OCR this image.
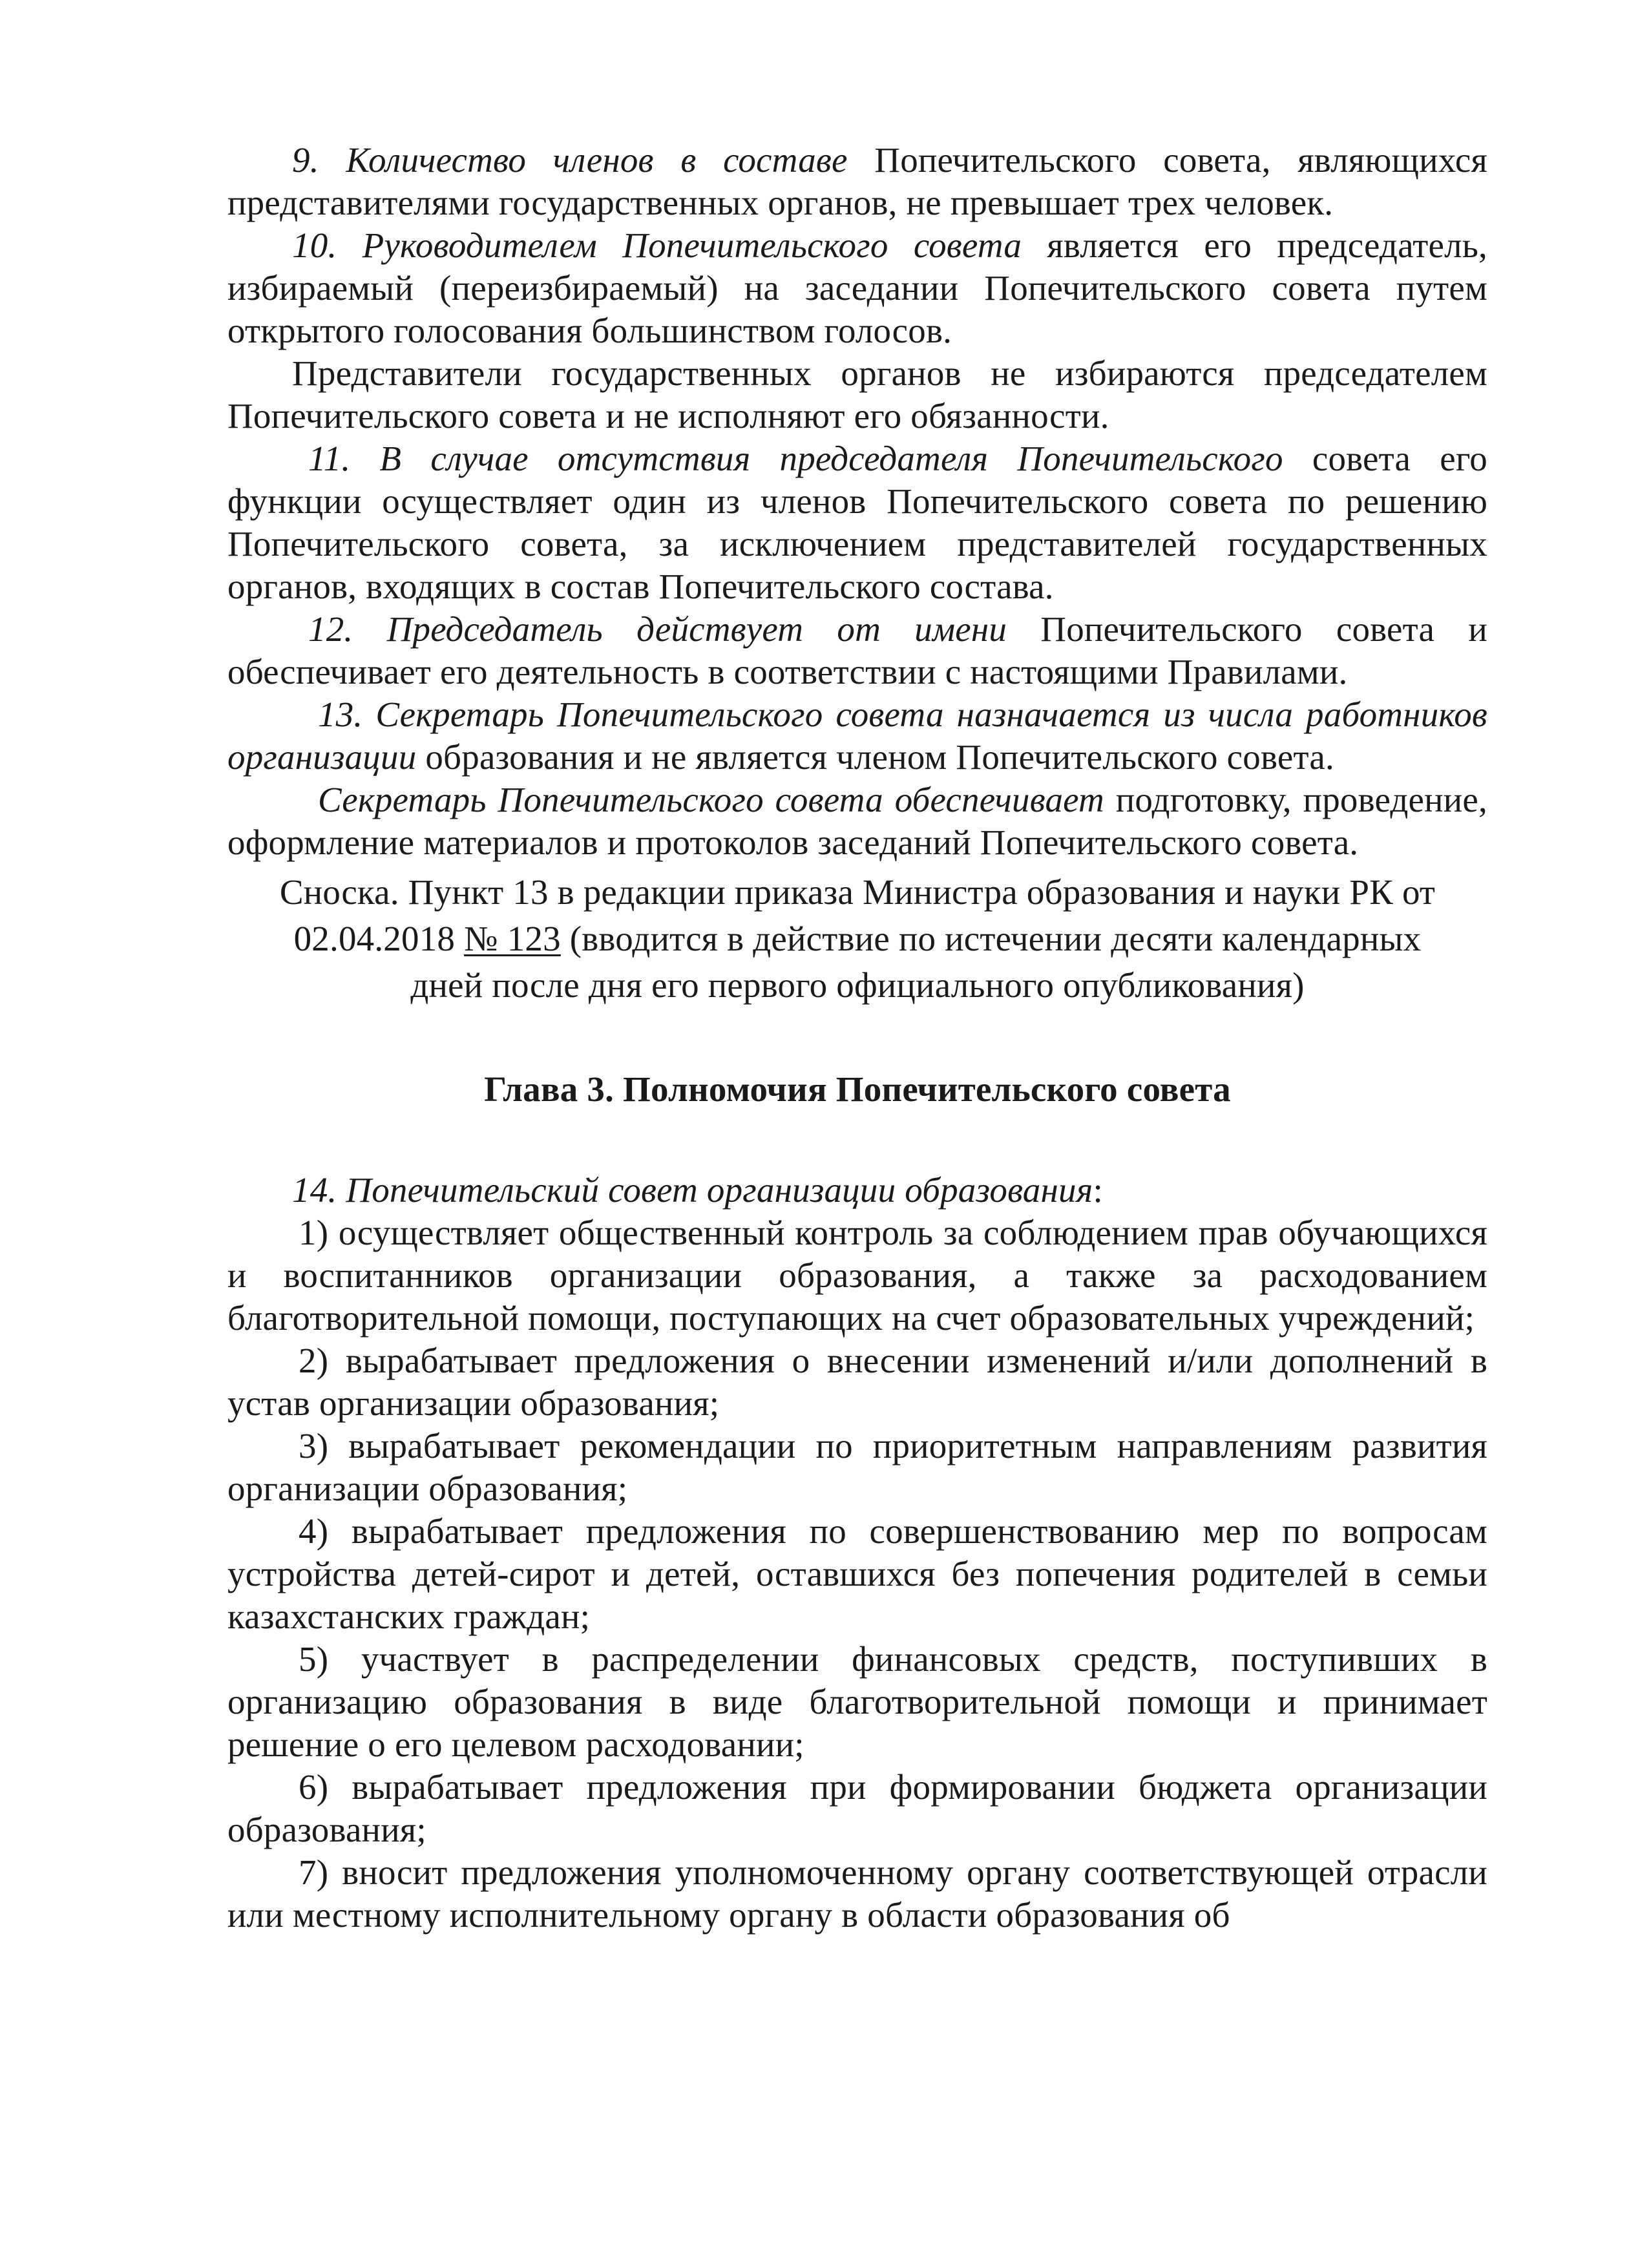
9. Количество членов в составе Попечительского совета, являющихся представителями государственных органов, не превышает трех человек.

10. Руководителем Попечительского совета является его председатель, избираемый (переизбираемый) на заседании Попечительского совета путем открытого голосования большинством голосов.

Представители государственных органов не избираются председателем Попечительского совета и не исполняют его обязанности.

11. В случае отсутствия председателя Попечительского совета его функции осуществляет один из членов Попечительского совета по решению Попечительского совета, за исключением представителей государственных органов, входящих в состав Попечительского состава.

12. Председатель действует от имени Попечительского совета и обеспечивает его деятельность в соответствии с настоящими Правилами.

13. Секретарь Попечительского совета назначается из числа работников организации образования и не является членом Попечительского совета.

Секретарь Попечительского совета обеспечивает подготовку, проведение, оформление материалов и протоколов заседаний Попечительского совета.

Сноска. Пункт 13 в редакции приказа Министра образования и науки РК от
02.04.2018 № 123 (вводится в действие по истечении десяти календарных
дней после дня его первого официального опубликования)
Глава 3. Полномочия Попечительского совета

14. Попечительский совет организации образования:

1) осуществляет общественный контроль за соблюдением прав обучающихся и воспитанников организации образования, а также за расходованием благотворительной помощи, поступающих на счет образовательных учреждений;

2) вырабатывает предложения о внесении изменений и/или дополнений в устав организации образования;

3) вырабатывает рекомендации по приоритетным направлениям развития организации образования;

4) вырабатывает предложения по совершенствованию мер по вопросам устройства детей-сирот и детей, оставшихся без попечения родителей в семьи казахстанских граждан;

5) участвует в распределении финансовых средств, поступивших в организацию образования в виде благотворительной помощи и принимает решение о его целевом расходовании;

6) вырабатывает предложения при формировании бюджета организации образования;

7) вносит предложения уполномоченному органу соответствующей отрасли или местному исполнительному органу в области образования об
